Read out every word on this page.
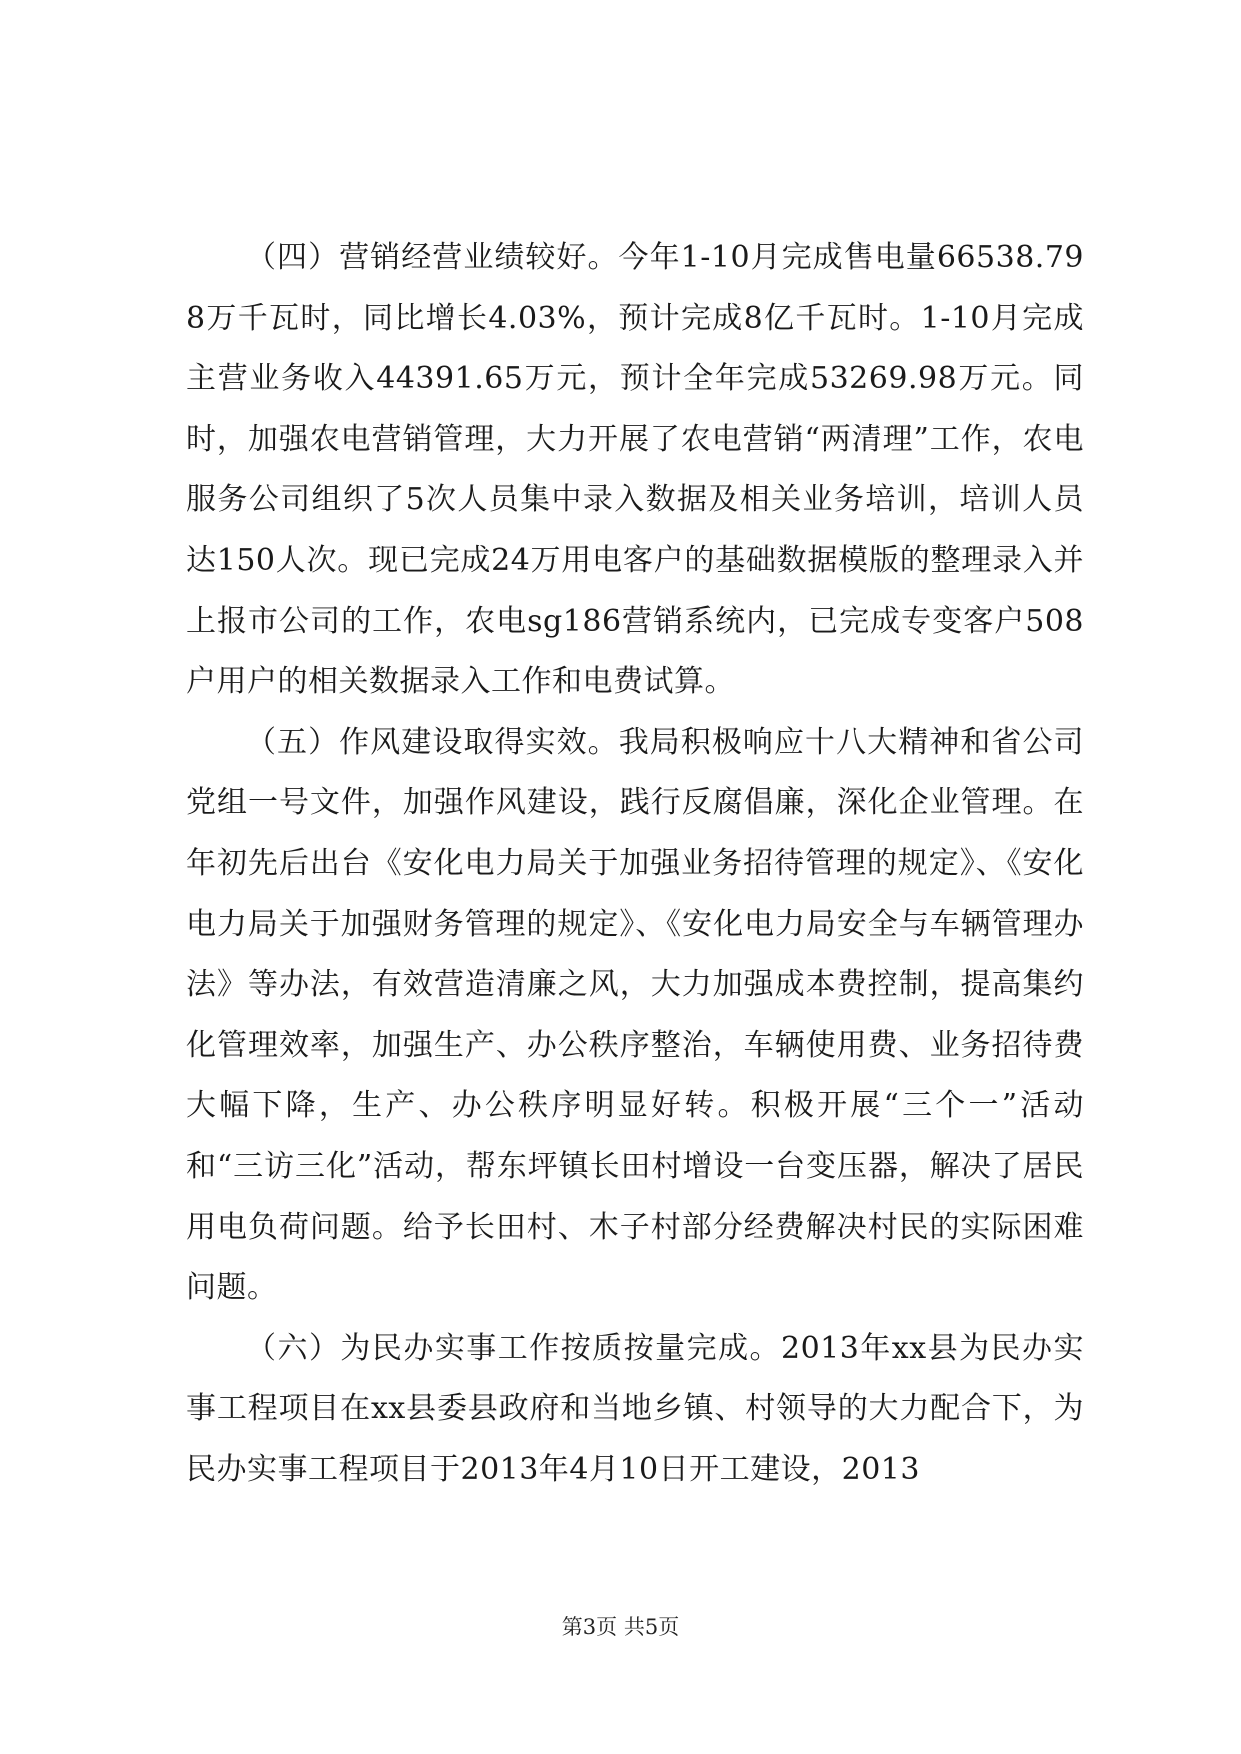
（四）营销经营业绩较好。今年1-10月完成售电量66538.798万千瓦时，同比增长4.03%，预计完成8亿千瓦时。1-10月完成主营业务收入44391.65万元，预计全年完成53269.98万元。同时，加强农电营销管理，大力开展了农电营销“两清理”工作，农电服务公司组织了5次人员集中录入数据及相关业务培训，培训人员达150人次。现已完成24万用电客户的基础数据模版的整理录入并上报市公司的工作，农电sg186营销系统内，已完成专变客户508户用户的相关数据录入工作和电费试算。

（五）作风建设取得实效。我局积极响应十八大精神和省公司党组一号文件，加强作风建设，践行反腐倡廉，深化企业管理。在年初先后出台《安化电力局关于加强业务招待管理的规定》、《安化电力局关于加强财务管理的规定》、《安化电力局安全与车辆管理办法》等办法，有效营造清廉之风，大力加强成本费控制，提高集约化管理效率，加强生产、办公秩序整治，车辆使用费、业务招待费大幅下降，生产、办公秩序明显好转。积极开展“三个一”活动和“三访三化”活动，帮东坪镇长田村增设一台变压器，解决了居民用电负荷问题。给予长田村、木子村部分经费解决村民的实际困难问题。

（六）为民办实事工作按质按量完成。2013年xx县为民办实事工程项目在xx县委县政府和当地乡镇、村领导的大力配合下，为民办实事工程项目于2013年4月10日开工建设，2013

第3页 共5页
